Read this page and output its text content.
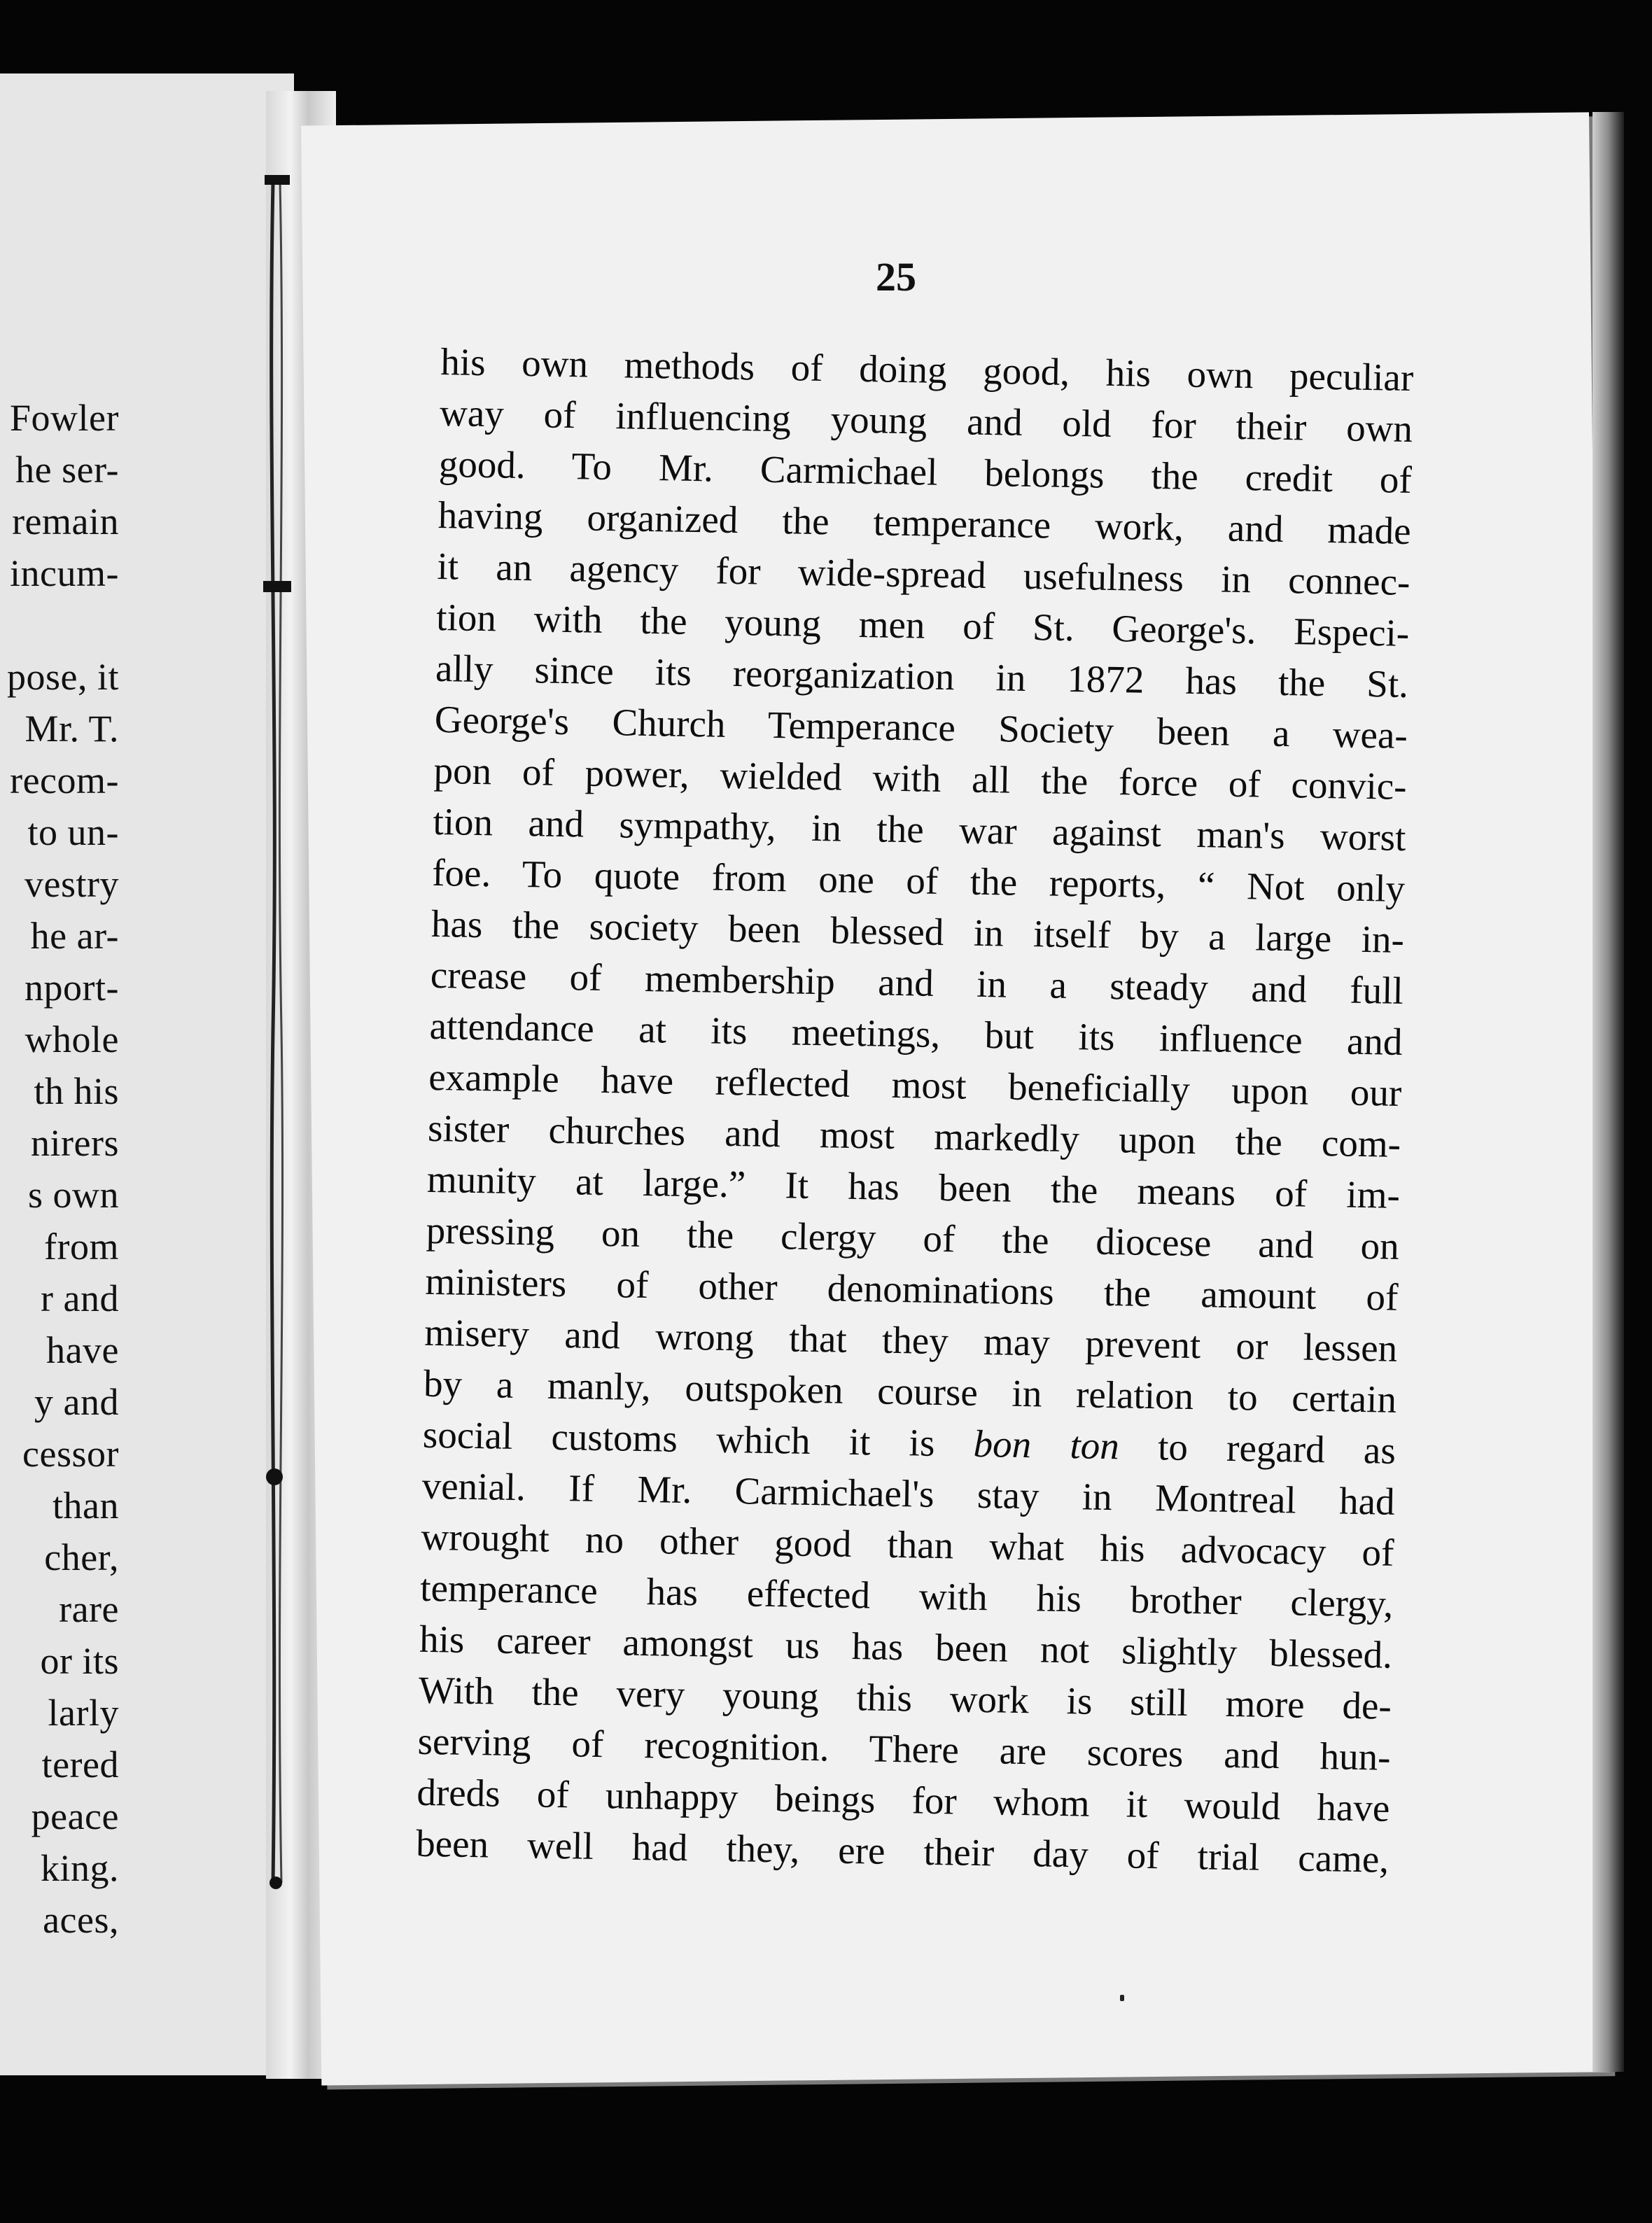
Fowler
he ser-
remain
incum-
pose, it
Mr. T.
recom-
to un-
vestry
he ar-
nport-
whole
th his
nirers
s own
from
r and
have
y and
cessor
than
cher,
rare
or its
larly
tered
peace
king.
aces,
25
his own methods of doing good, his own peculiar
way of influencing young and old for their own
good. To Mr. Carmichael belongs the credit of
having organized the temperance work, and made
it an agency for wide-spread usefulness in connec-
tion with the young men of St. George's. Especi-
ally since its reorganization in 1872 has the St.
George's Church Temperance Society been a wea-
pon of power, wielded with all the force of convic-
tion and sympathy, in the war against man's worst
foe. To quote from one of the reports, “ Not only
has the society been blessed in itself by a large in-
crease of membership and in a steady and full
attendance at its meetings, but its influence and
example have reflected most beneficially upon our
sister churches and most markedly upon the com-
munity at large.” It has been the means of im-
pressing on the clergy of the diocese and on
ministers of other denominations the amount of
misery and wrong that they may prevent or lessen
by a manly, outspoken course in relation to certain
social customs which it is bon ton to regard as
venial. If Mr. Carmichael's stay in Montreal had
wrought no other good than what his advocacy of
temperance has effected with his brother clergy,
his career amongst us has been not slightly blessed.
With the very young this work is still more de-
serving of recognition. There are scores and hun-
dreds of unhappy beings for whom it would have
been well had they, ere their day of trial came,
